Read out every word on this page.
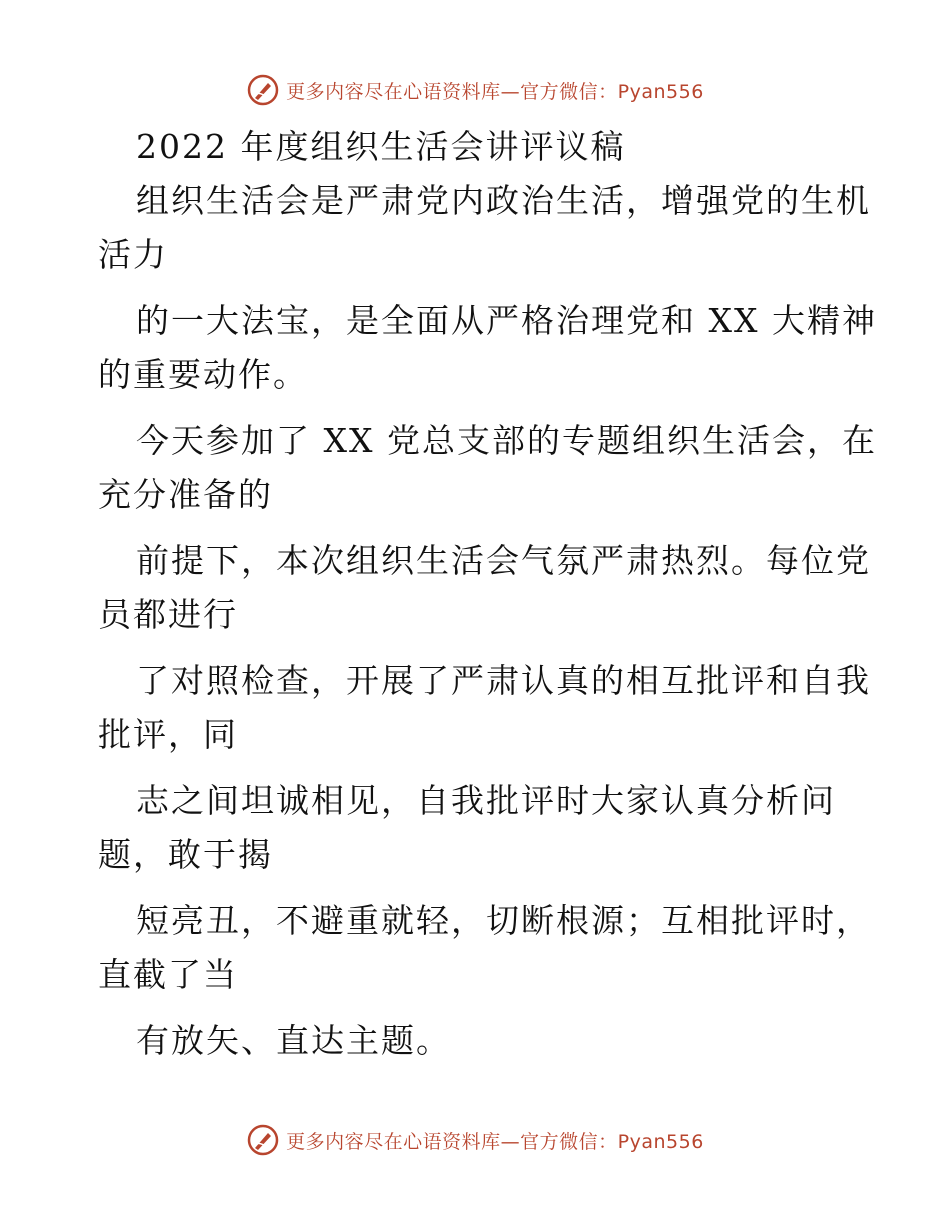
更多内容尽在心语资料库—官方微信：Pyan556
2022 年度组织生活会讲评议稿
组织生活会是严肃党内政治生活，增强党的生机
活力
的一大法宝，是全面从严格治理党和 XX 大精神
的重要动作。
今天参加了 XX 党总支部的专题组织生活会，在
充分准备的
前提下，本次组织生活会气氛严肃热烈。每位党
员都进行
了对照检查，开展了严肃认真的相互批评和自我
批评，同
志之间坦诚相见，自我批评时大家认真分析问
题，敢于揭
短亮丑，不避重就轻，切断根源；互相批评时，
直截了当
有放矢、直达主题。
更多内容尽在心语资料库—官方微信：Pyan556
